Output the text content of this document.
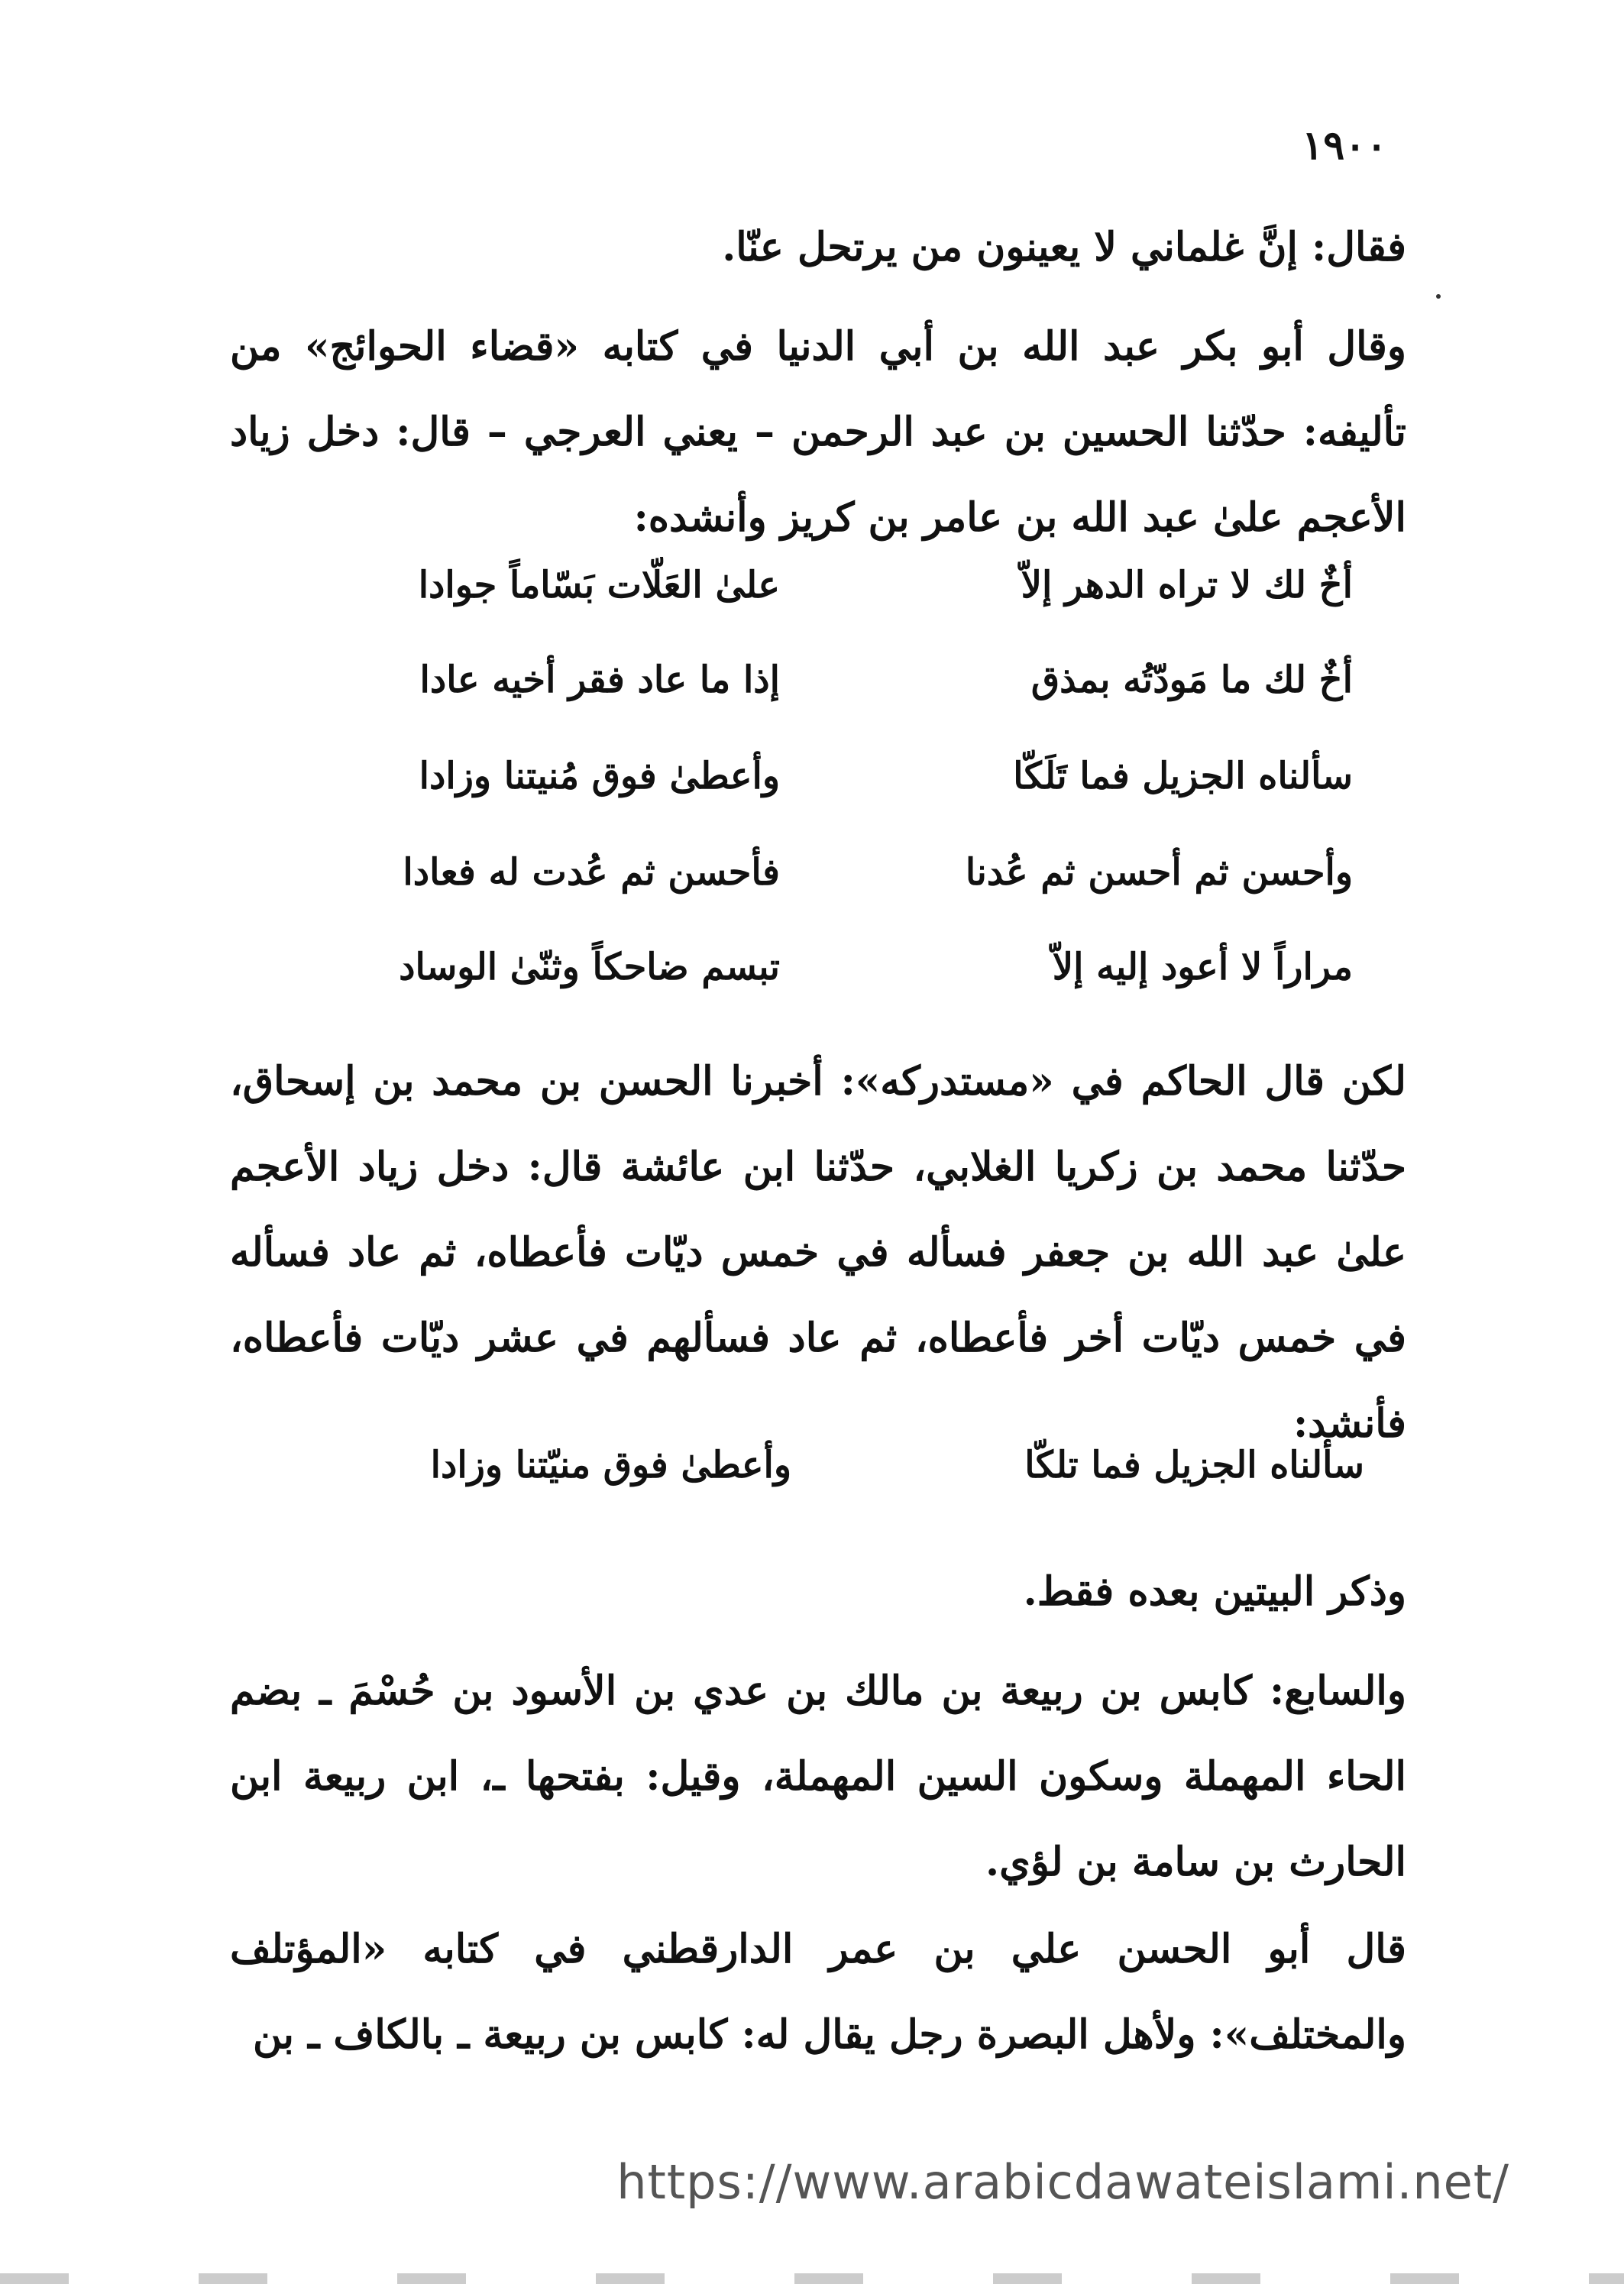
١٩٠٠
فقال: إنَّ غلماني لا يعينون من يرتحل عنّا.
وقال أبو بكر عبد الله بن أبي الدنيا في كتابه «قضاء الحوائج» من تأليفه: حدّثنا الحسين بن عبد الرحمن – يعني العرجي – قال: دخل زياد الأعجم علىٰ عبد الله بن عامر بن كريز وأنشده:
أخٌ لك لا تراه الدهر إلاّ
علىٰ العَلّات بَسّاماً جوادا
أخٌ لك ما مَودّتُه بمذق
إذا ما عاد فقر أخيه عادا
سألناه الجزيل فما تَلَكّا
وأعطىٰ فوق مُنيتنا وزادا
وأحسن ثم أحسن ثم عُدنا
فأحسن ثم عُدت له فعادا
مراراً لا أعود إليه إلاّ
تبسم ضاحكاً وثنّىٰ الوساد
لكن قال الحاكم في «مستدركه»: أخبرنا الحسن بن محمد بن إسحاق، حدّثنا محمد بن زكريا الغلابي، حدّثنا ابن عائشة قال: دخل زياد الأعجم علىٰ عبد الله بن جعفر فسأله في خمس ديّات فأعطاه، ثم عاد فسأله في خمس ديّات أخر فأعطاه، ثم عاد فسألهم في عشر ديّات فأعطاه، فأنشد:
سألناه الجزيل فما تلكّا
وأعطىٰ فوق منيّتنا وزادا
وذكر البيتين بعده فقط.
والسابع: كابس بن ربيعة بن مالك بن عدي بن الأسود بن حُسْمَ ـ بضم الحاء المهملة وسكون السين المهملة، وقيل: بفتحها ـ، ابن ربيعة ابن الحارث بن سامة بن لؤي.
قال أبو الحسن علي بن عمر الدارقطني في كتابه «المؤتلف والمختلف»: ولأهل البصرة رجل يقال له: كابس بن ربيعة ـ بالكاف ـ بن
https://www.arabicdawateislami.net/
